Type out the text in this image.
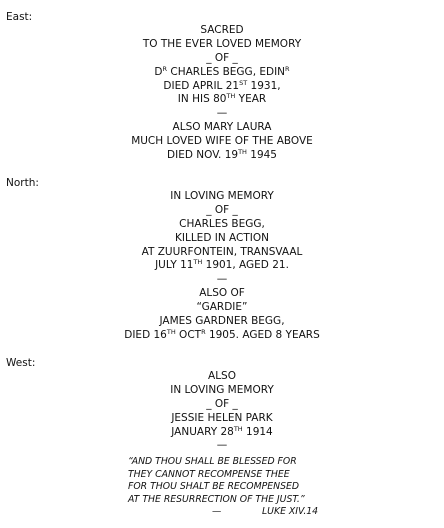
East:

SACRED
TO THE EVER LOVED MEMORY
_ OF _
$D^R$ CHARLES BEGG, $EDIN^R$
DIED APRIL 21ST 1931,
IN HIS 80TH YEAR
—
ALSO MARY LAURA
MUCH LOVED WIFE OF THE ABOVE
DIED NOV. 19TH 1945

North:

IN LOVING MEMORY
_ OF _
CHARLES BEGG,
KILLED IN ACTION
AT ZUURFONTEIN, TRANSVAAL
JULY 11TH 1901, AGED 21.
—
ALSO OF
“GARDIE”
JAMES GARDNER BEGG,
DIED 16TH $OCT^R$ 1905. AGED 8 YEARS

West:

ALSO
IN LOVING MEMORY
_ OF _
JESSIE HELEN PARK
JANUARY 28TH 1914
—
“AND THOU SHALL BE BLESSED FOR
THEY CANNOT RECOMPENSE THEE
FOR THOU SHALT BE RECOMPENSED
AT THE RESURRECTION OF THE JUST.”
—	LUKE XIV.14
